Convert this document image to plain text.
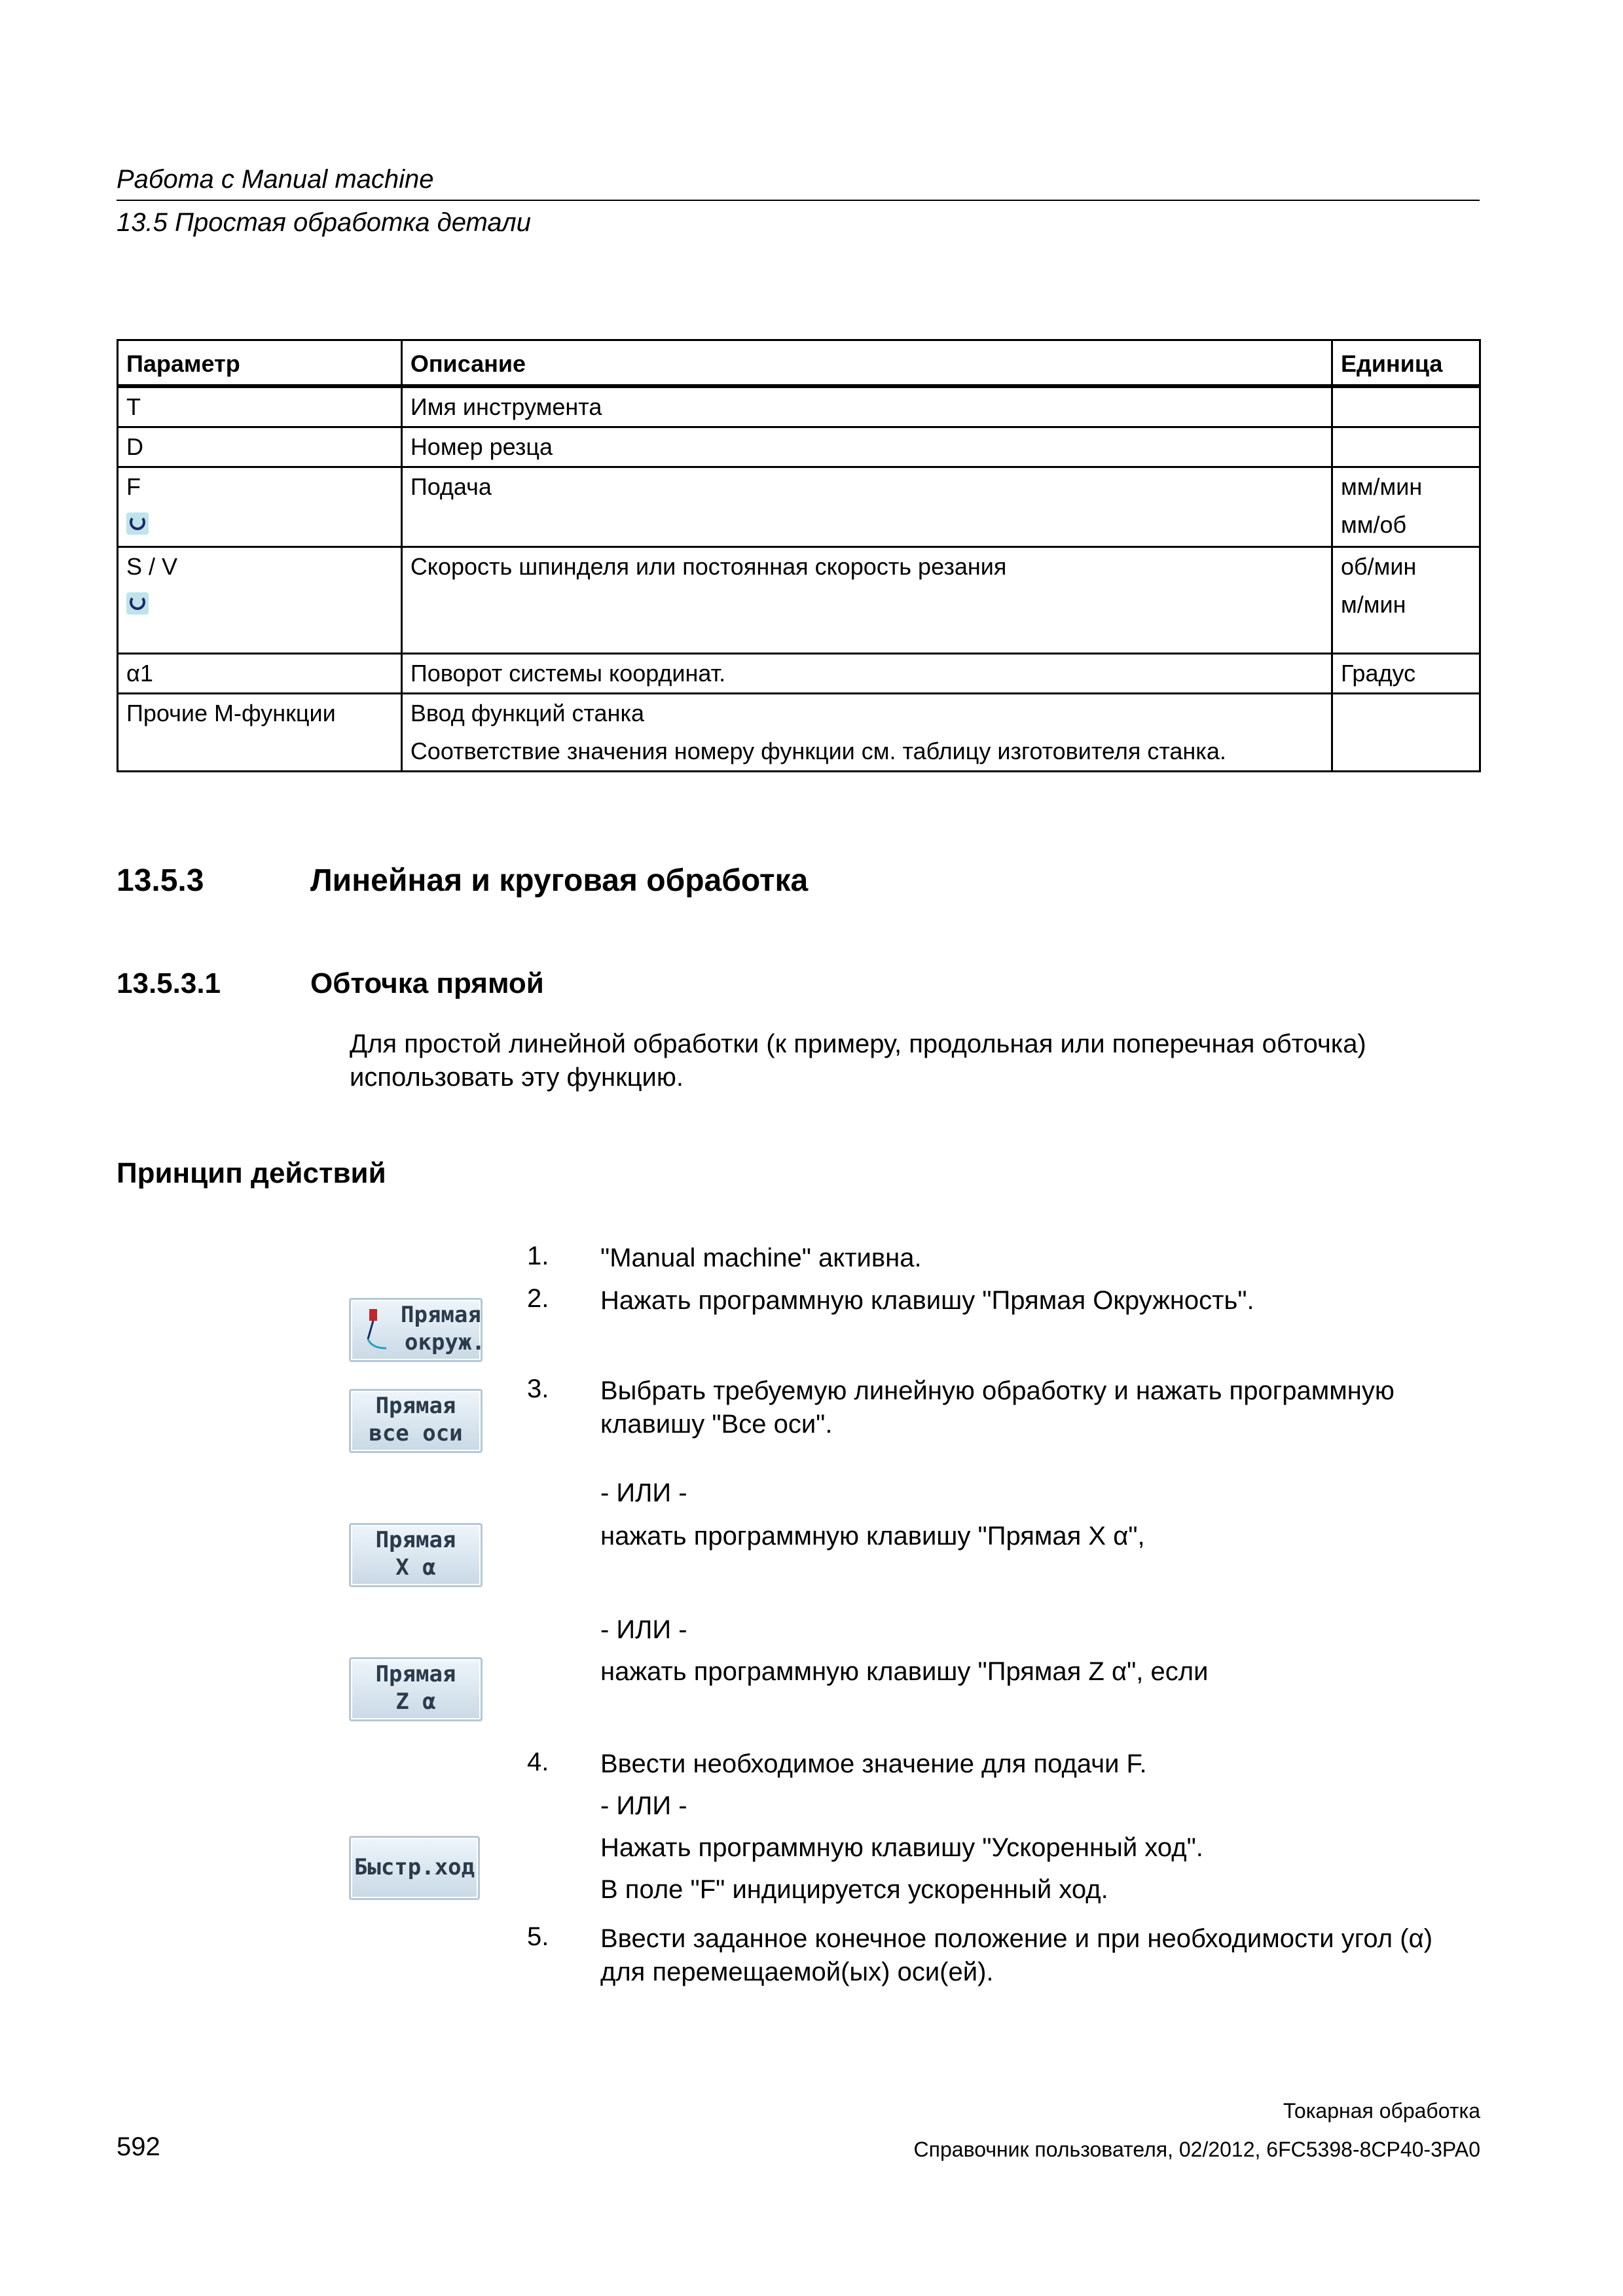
Работа с Manual machine
13.5 Простая обработка детали
Параметр	Описание	Единица
T	Имя инструмента	
D	Номер резца	

F	Подача	мм/мин
мм/об

S / V	Скорость шпинделя или постоянная скорость резания	об/мин
м/мин

α1	Поворот системы координат.	Градус
Прочие М-функции	Ввод функций станка
Соответствие значения номеру функции см. таблицу изготовителя станка.	

13.5.3	Линейная и круговая обработка
13.5.3.1	Обточка прямой
Для простой линейной обработки (к примеру, продольная или поперечная обточка) использовать эту функцию.
Принцип действий
1. "Manual machine" активна.
2. Нажать программную клавишу "Прямая Окружность".
3. Выбрать требуемую линейную обработку и нажать программную клавишу "Все оси".
- ИЛИ -
нажать программную клавишу "Прямая X α",
- ИЛИ -
нажать программную клавишу "Прямая Z α", если
4. Ввести необходимое значение для подачи F.
- ИЛИ -
Нажать программную клавишу "Ускоренный ход".
В поле "F" индицируется ускоренный ход.
5. Ввести заданное конечное положение и при необходимости угол (α) для перемещаемой(ых) оси(ей).
Прямая
окруж.
Прямая
все оси
Прямая
X α
Прямая
Z α
Быстр.ход
Токарная обработка
592	Справочник пользователя, 02/2012, 6FC5398-8CP40-3PA0
